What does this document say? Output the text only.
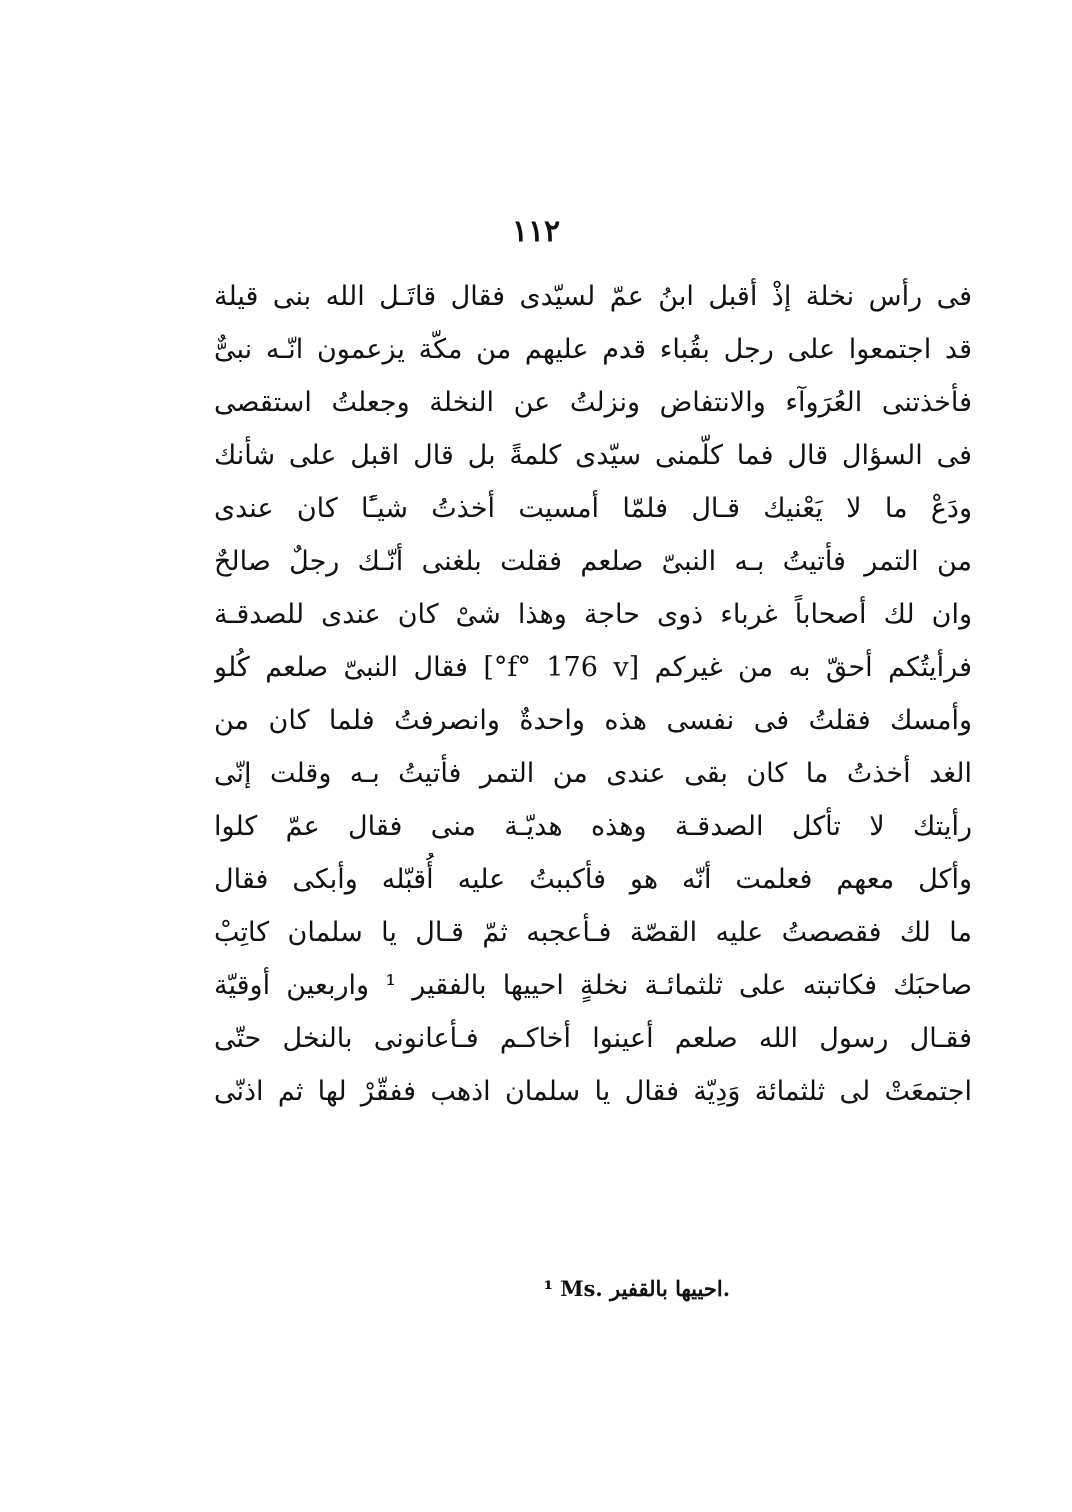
١١٢
فى رأس نخلة إذْ أقبل ابنُ عمّ لسيّدى فقال قاتَـل الله بنى قيلة
قد اجتمعوا على رجل بقُباء قدم عليهم من مكّة يزعمون انّـه نبىٌّ
فأخذتنى العُرَوآء والانتفاض ونزلتُ عن النخلة وجعلتُ استقصى
فى السؤال قال فما كلّمنى سيّدى كلمةً بل قال اقبل على شأنك
ودَعْ ما لا يَعْنيك قـال فلمّا أمسيت أخذتُ شيـًٔا كان عندى
من التمر فأتيتُ بـه النبىّ صلعم فقلت بلغنى أنّـك رجلٌ صالحٌ
وان لك أصحاباً غرباء ذوى حاجة وهذا شىْ كان عندى للصدقـة
فرأيتُكم أحقّ به من غيركم [f° 176 v°] فقال النبىّ صلعم كُلو
وأمسك فقلتُ فى نفسى هذه واحدةٌ وانصرفتُ فلما كان من
الغد أخذتُ ما كان بقى عندى من التمر فأتيتُ بـه وقلت إنّى
رأيتك لا تأكل الصدقـة وهذه هديّـة منى فقال عمّ كلوا
وأكل معهم فعلمت أنّه هو فأكببتُ عليه أُقبّله وأبكى فقال
ما لك فقصصتُ عليه القصّة فـأعجبه ثمّ قـال يا سلمان كاتِبْ
صاحبَك فكاتبته على ثلثمائـة نخلةٍ احييها بالفقير ¹ واربعين أوقيّة
فقـال رسول الله صلعم أعينوا أخاكـم فـأعانونى بالنخل حتّى
اجتمعَتْ لى ثلثمائة وَدِيّة فقال يا سلمان اذهب ففقّرْ لها ثم اذنّى
¹ Ms. احييها بالقفير.
